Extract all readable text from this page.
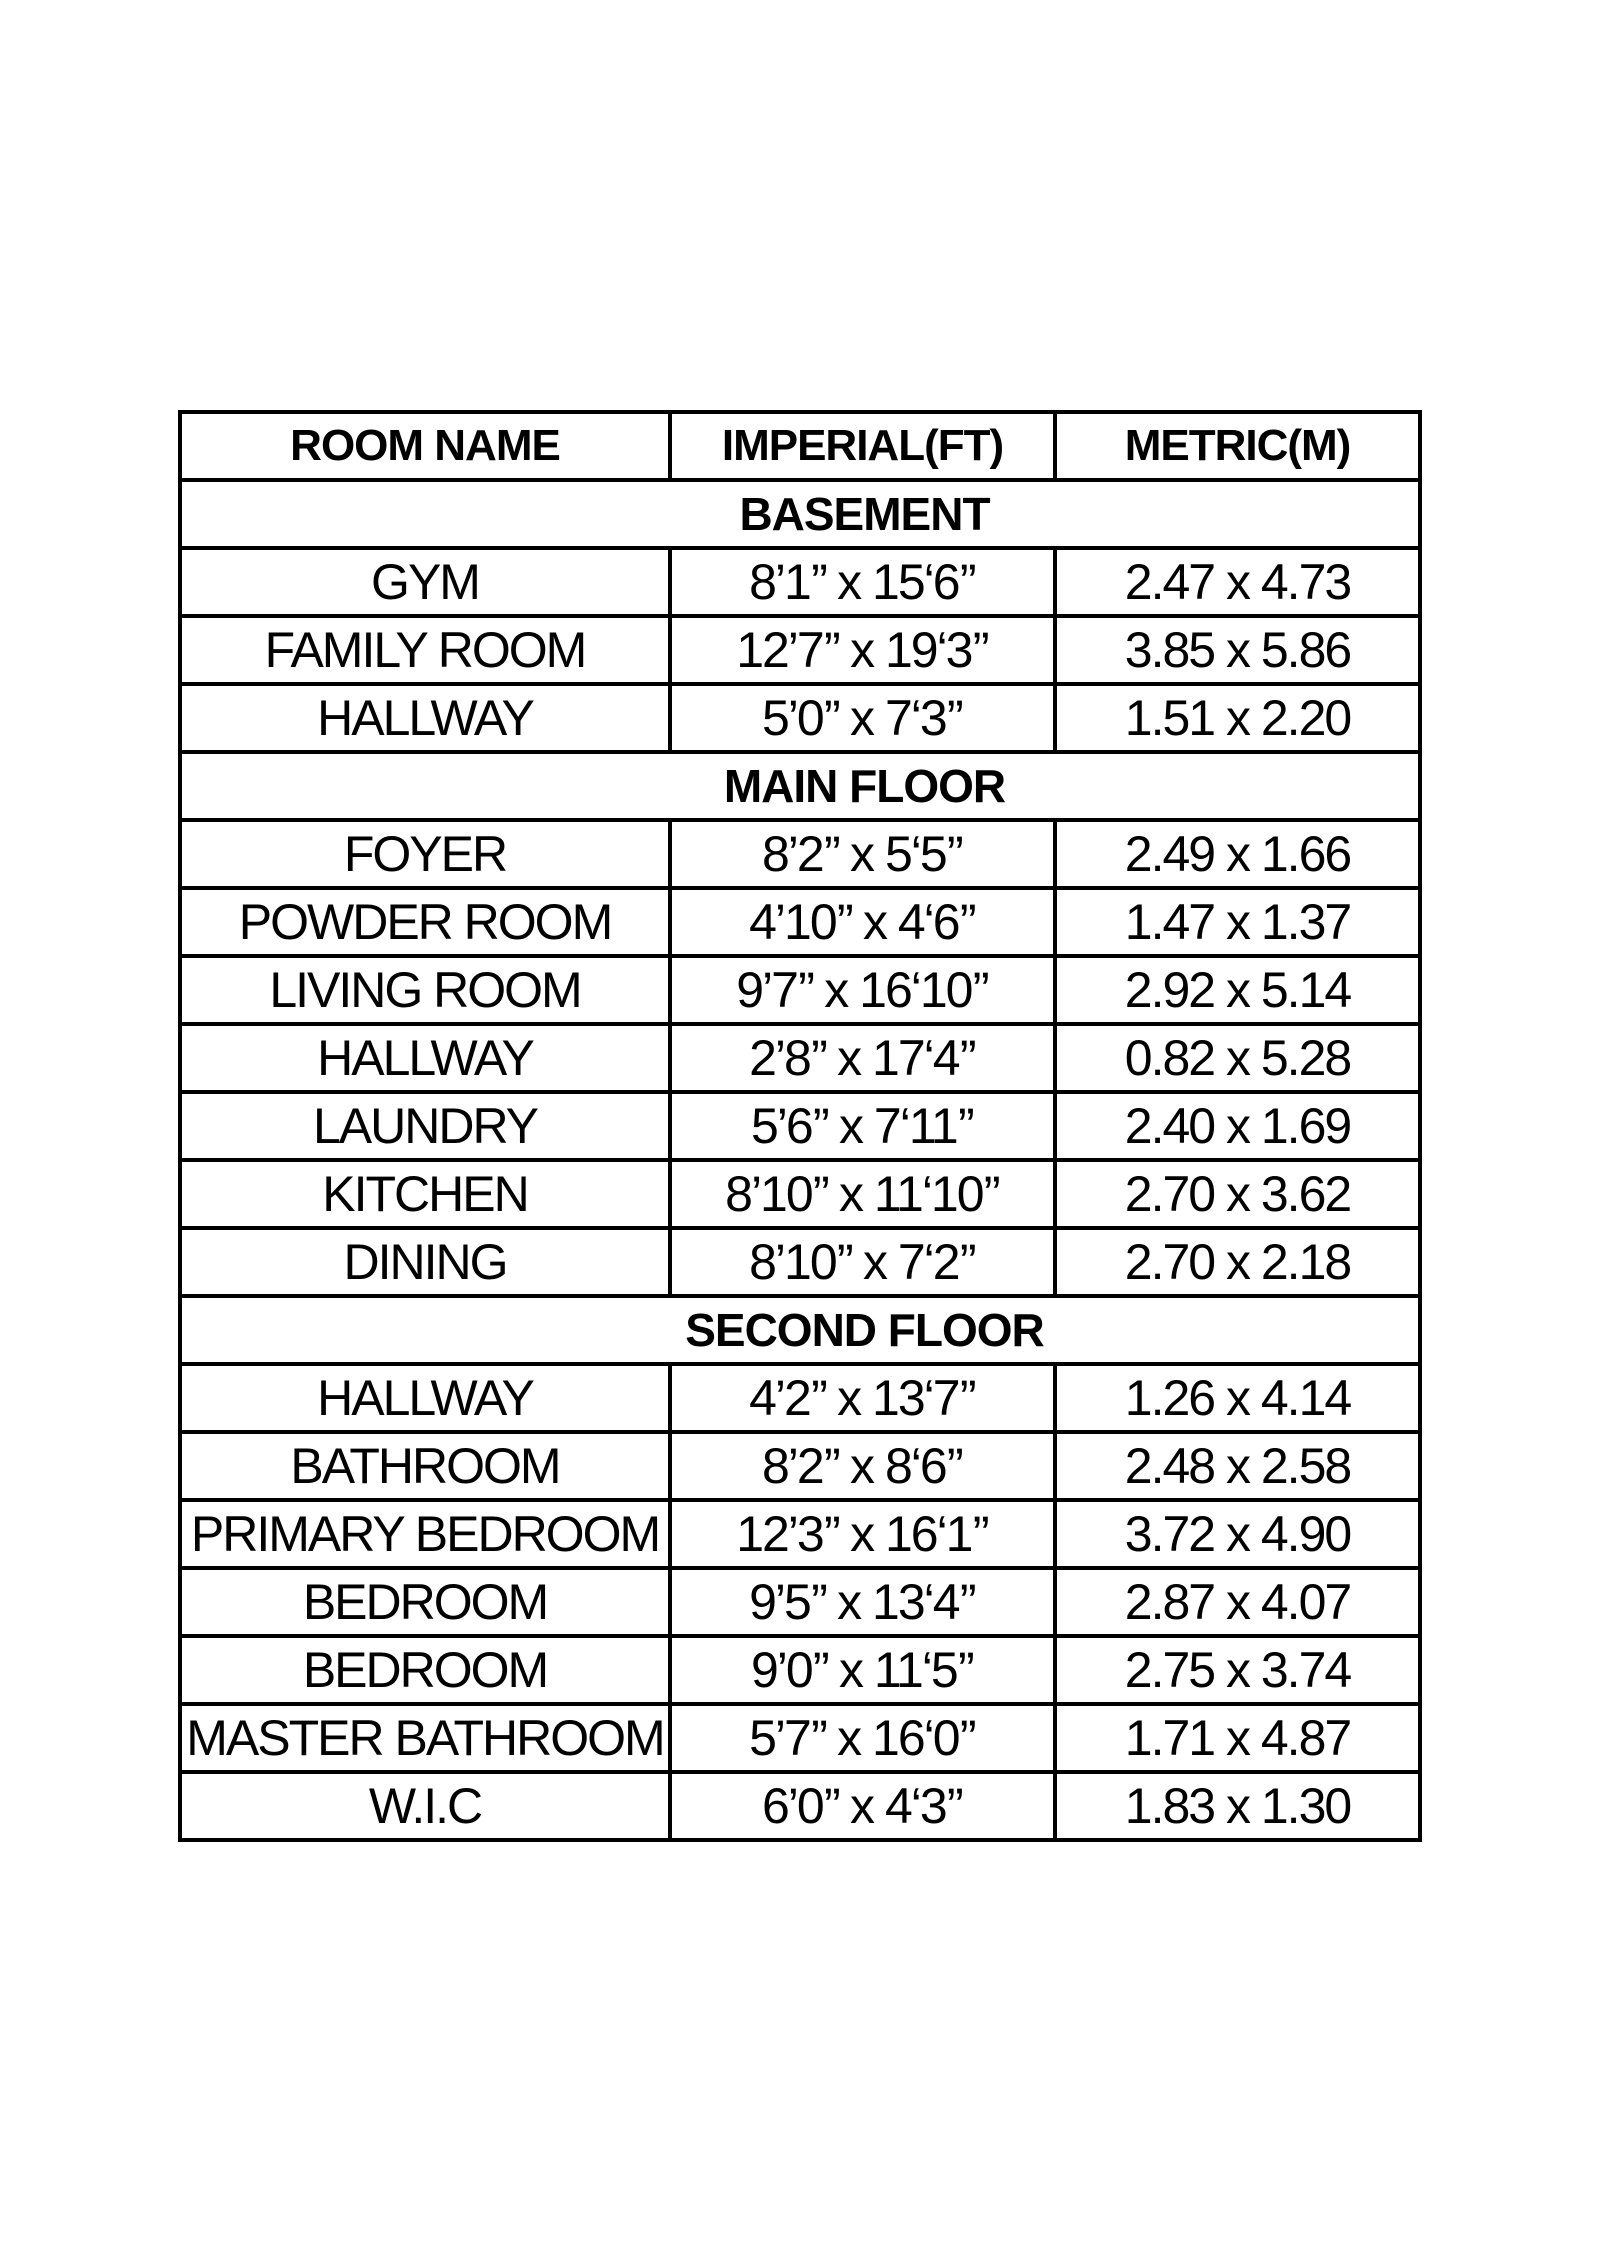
ROOM NAME	IMPERIAL(FT)	METRIC(M)
BASEMENT
GYM	8’1’’ x 15‘6’’	2.47 x 4.73
FAMILY ROOM	12’7’’ x 19‘3’’	3.85 x 5.86
HALLWAY	5’0’’ x 7‘3’’	1.51 x 2.20
MAIN FLOOR
FOYER	8’2’’ x 5‘5’’	2.49 x 1.66
POWDER ROOM	4’10’’ x 4‘6’’	1.47 x 1.37
LIVING ROOM	9’7’’ x 16‘10’’	2.92 x 5.14
HALLWAY	2’8’’ x 17‘4’’	0.82 x 5.28
LAUNDRY	5’6’’ x 7‘11’’	2.40 x 1.69
KITCHEN	8’10’’ x 11‘10’’	2.70 x 3.62
DINING	8’10’’ x 7‘2’’	2.70 x 2.18
SECOND FLOOR
HALLWAY	4’2’’ x 13‘7’’	1.26 x 4.14
BATHROOM	8’2’’ x 8‘6’’	2.48 x 2.58
PRIMARY BEDROOM	12’3’’ x 16‘1’’	3.72 x 4.90
BEDROOM	9’5’’ x 13‘4’’	2.87 x 4.07
BEDROOM	9’0’’ x 11‘5’’	2.75 x 3.74
MASTER BATHROOM	5’7’’ x 16‘0’’	1.71 x 4.87
W.I.C	6’0’’ x 4‘3’’	1.83 x 1.30
